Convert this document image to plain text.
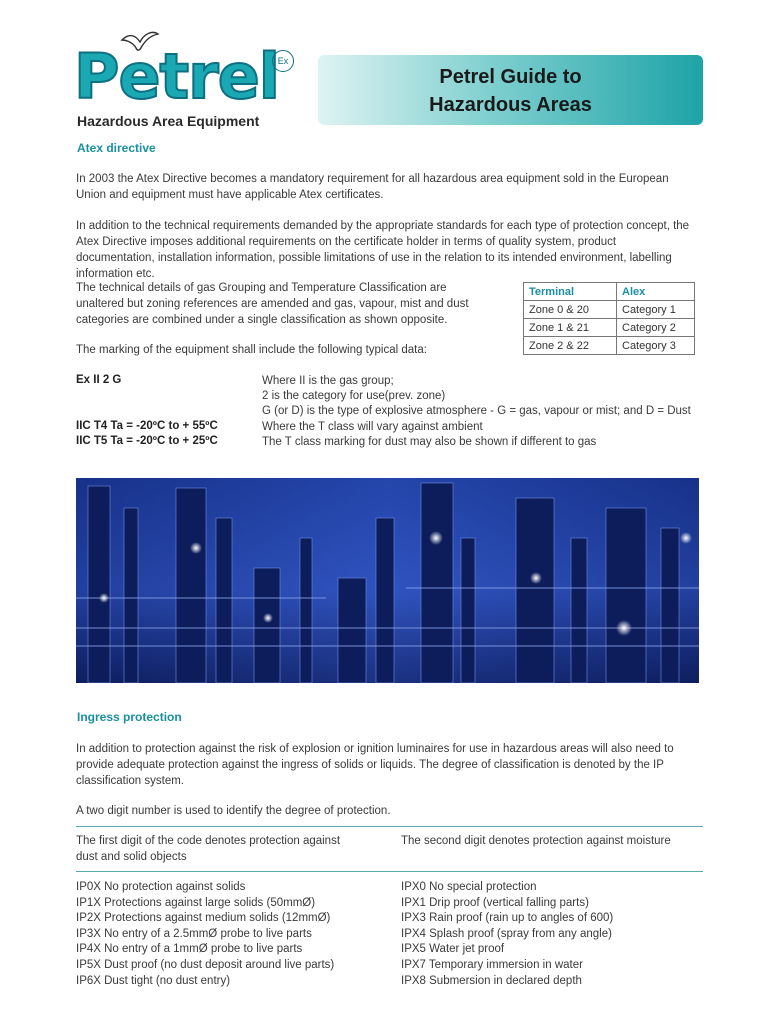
Petrel
Ex
Hazardous Area Equipment
Petrel Guide to
Hazardous Areas
Atex directive
In 2003 the Atex Directive becomes a mandatory requirement for all hazardous area equipment sold in the European Union and equipment must have applicable Atex certificates.
In addition to the technical requirements demanded by the appropriate standards for each type of protection concept, the Atex Directive imposes additional requirements on the certificate holder in terms of quality system, product documentation, installation information, possible limitations of use in the relation to its intended environment, labelling information etc.
The technical details of gas Grouping and Temperature Classification are unaltered but zoning references are amended and gas, vapour, mist and dust categories are combined under a single classification as shown opposite.
The marking of the equipment shall include the following typical data:
Terminal	Alex
Zone 0 & 20	Category 1
Zone 1 & 21	Category 2
Zone 2 & 22	Category 3
Ex II 2 G	Where II is the gas group;
2 is the category for use(prev. zone)
G (or D) is the type of explosive atmosphere - G = gas, vapour or mist; and D = Dust
IIC T4 Ta = -20ºC to + 55ºC	Where the T class will vary against ambient
IIC T5 Ta = -20ºC to + 25ºC	The T class marking for dust may also be shown if different to gas
Ingress protection
In addition to protection against the risk of explosion or ignition luminaires for use in hazardous areas will also need to provide adequate protection against the ingress of solids or liquids. The degree of classification is denoted by the IP classification system.
A two digit number is used to identify the degree of protection.
The first digit of the code denotes protection against dust and solid objects
The second digit denotes protection against moisture
IP0X No protection against solids
IP1X Protections against large solids (50mmØ)
IP2X Protections against medium solids (12mmØ)
IP3X No entry of a 2.5mmØ probe to live parts
IP4X No entry of a 1mmØ probe to live parts
IP5X Dust proof (no dust deposit around live parts)
IP6X Dust tight (no dust entry)
IPX0 No special protection
IPX1 Drip proof (vertical falling parts)
IPX3 Rain proof (rain up to angles of 600)
IPX4 Splash proof (spray from any angle)
IPX5 Water jet proof
IPX7 Temporary immersion in water
IPX8 Submersion in declared depth
